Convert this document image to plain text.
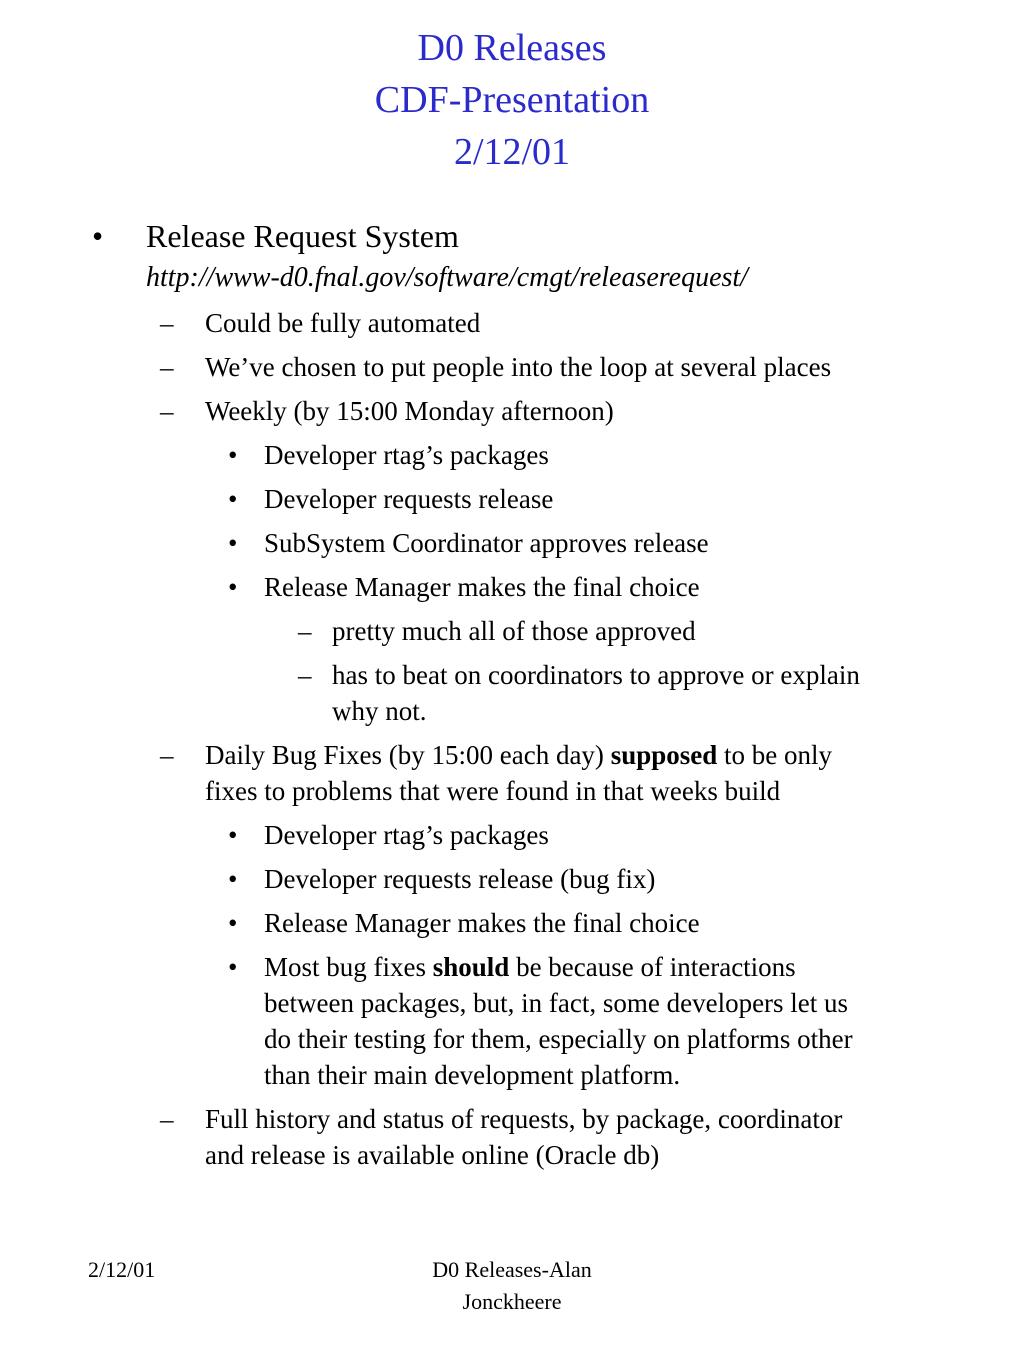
D0 Releases
CDF-Presentation
2/12/01
• Release Request System
http://www-d0.fnal.gov/software/cmgt/releaserequest/
– Could be fully automated
– We’ve chosen to put people into the loop at several places
– Weekly (by 15:00 Monday afternoon)
• Developer rtag’s packages
• Developer requests release
• SubSystem Coordinator approves release
• Release Manager makes the final choice
– pretty much all of those approved
– has to beat on coordinators to approve or explain
why not.
– Daily Bug Fixes (by 15:00 each day) supposed to be only
fixes to problems that were found in that weeks build
• Developer rtag’s packages
• Developer requests release (bug fix)
• Release Manager makes the final choice
• Most bug fixes should be because of interactions
between packages, but, in fact, some developers let us
do their testing for them, especially on platforms other
than their main development platform.
– Full history and status of requests, by package, coordinator
and release is available online (Oracle db)
2/12/01	D0 Releases-Alan
Jonckheere
